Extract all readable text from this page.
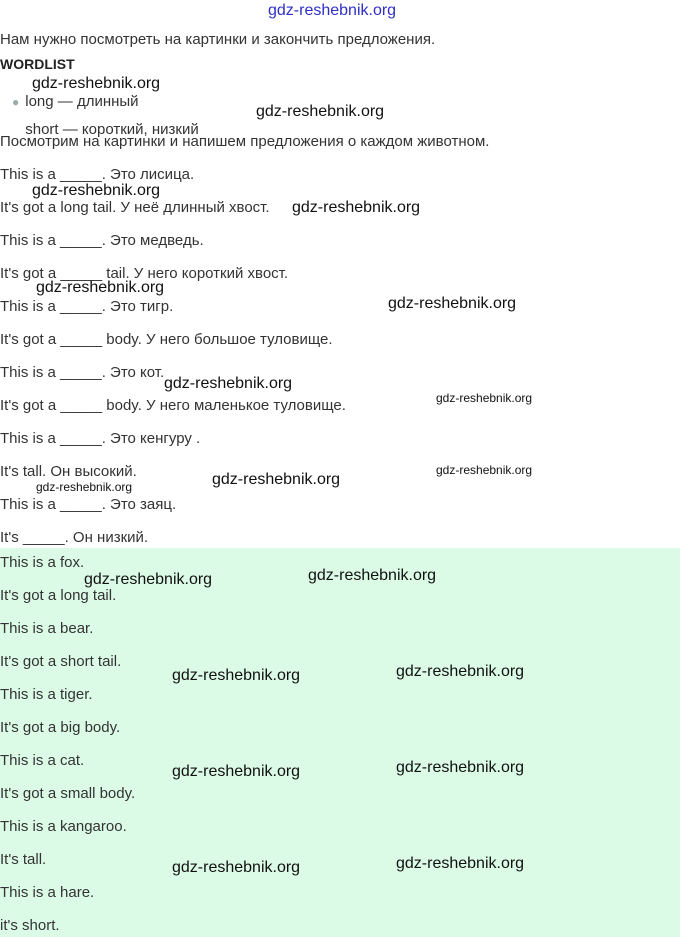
gdz-reshebnik.org
Нам нужно посмотреть на картинки и закончить предложения.
WORDLIST
● long — длинный
short — короткий, низкий
Посмотрим на картинки и напишем предложения о каждом животном.
This is a _____. Это лисица.
It's got a long tail. У неё длинный хвост.
This is a _____. Это медведь.
It's got a _____ tail. У него короткий хвост.
This is a _____. Это тигр.
It's got a _____ body. У него большое туловище.
This is a _____. Это кот.
It's got a _____ body. У него маленькое туловище.
This is a _____. Это кенгуру .
It's tall. Он высокий.
This is a _____. Это заяц.
It's _____. Он низкий.
This is a fox.
It's got a long tail.
This is a bear.
It's got a short tail.
This is a tiger.
It's got a big body.
This is a cat.
It's got a small body.
This is a kangaroo.
It's tall.
This is a hare.
it's short.
gdz-reshebnik.org
gdz-reshebnik.org
gdz-reshebnik.org
gdz-reshebnik.org
gdz-reshebnik.org
gdz-reshebnik.org
gdz-reshebnik.org
gdz-reshebnik.org
gdz-reshebnik.org
gdz-reshebnik.org
gdz-reshebnik.org
gdz-reshebnik.org	gdz-reshebnik.org
gdz-reshebnik.org	gdz-reshebnik.org
gdz-reshebnik.org	gdz-reshebnik.org
gdz-reshebnik.org	gdz-reshebnik.org
